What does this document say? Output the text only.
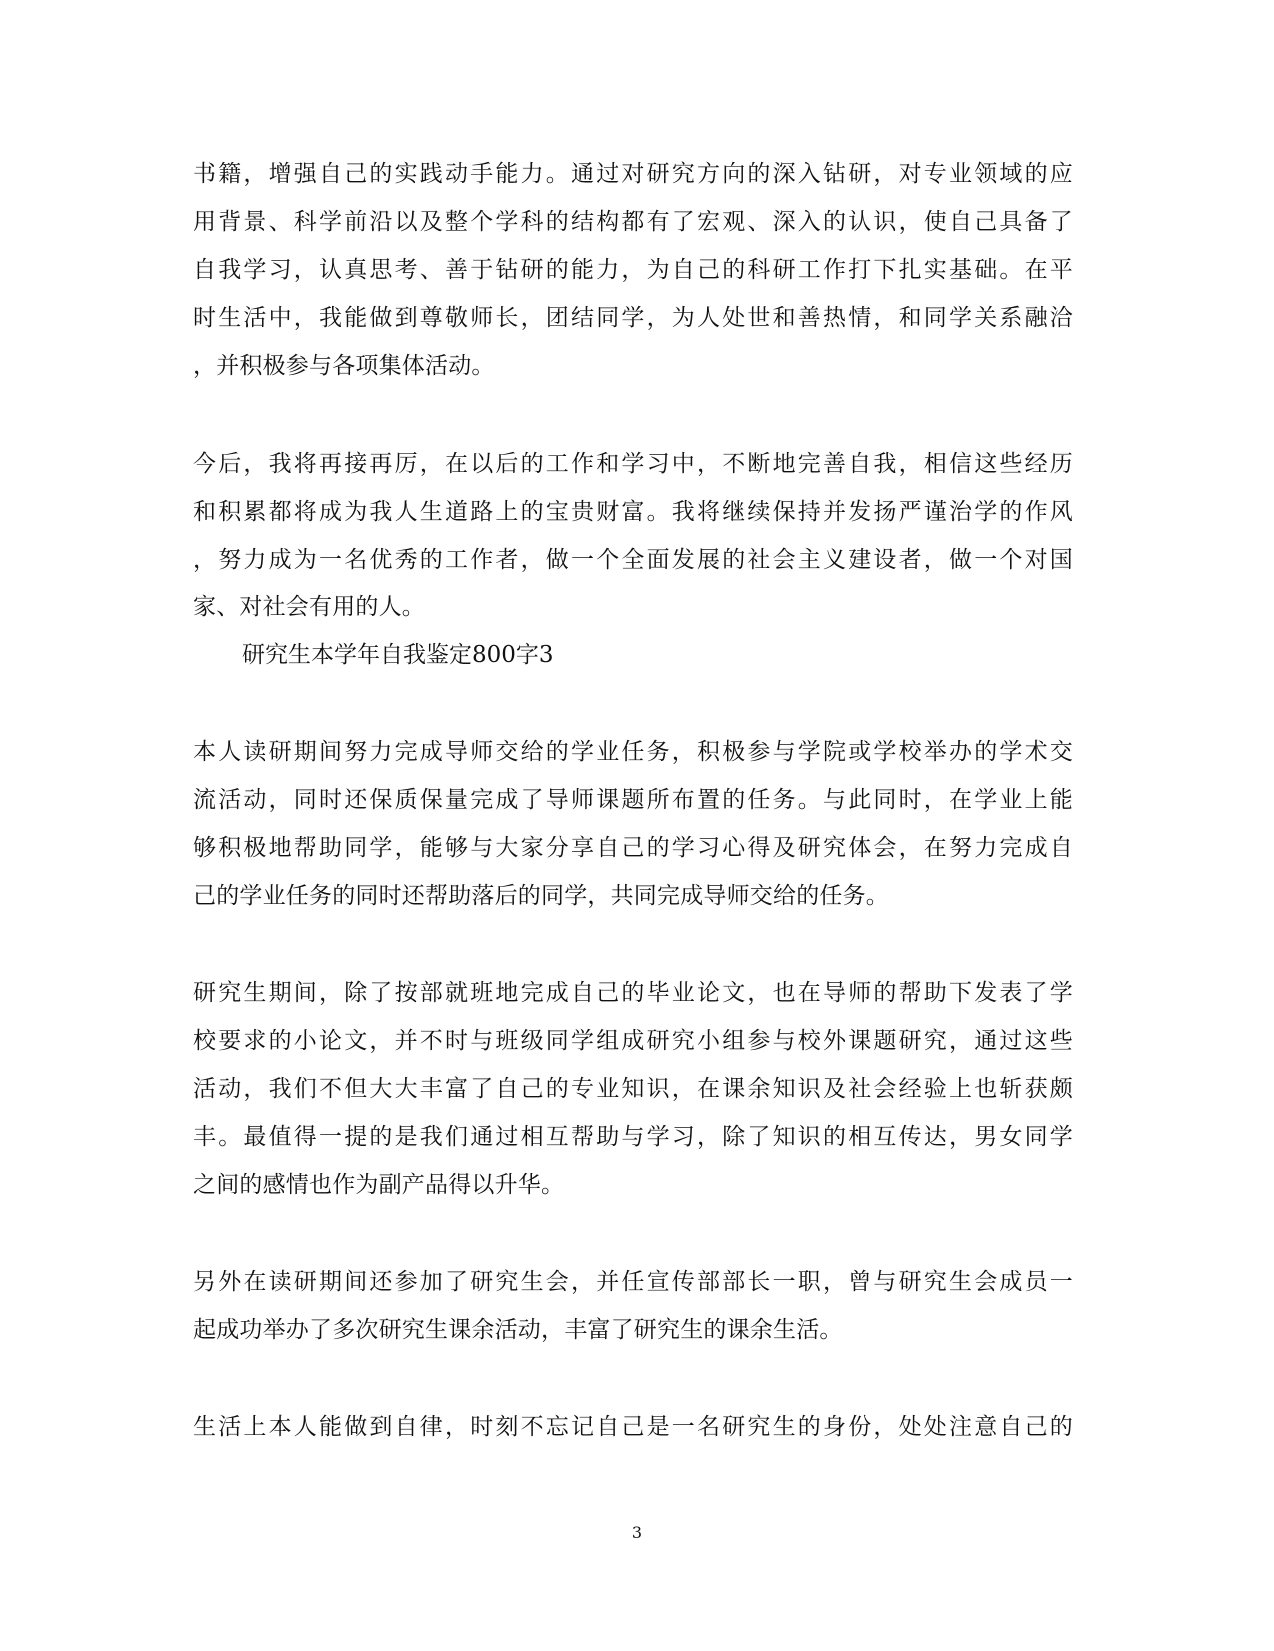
书籍，增强自己的实践动手能力。通过对研究方向的深入钻研，对专业领域的应
用背景、科学前沿以及整个学科的结构都有了宏观、深入的认识，使自己具备了
自我学习，认真思考、善于钻研的能力，为自己的科研工作打下扎实基础。在平
时生活中，我能做到尊敬师长，团结同学，为人处世和善热情，和同学关系融洽
，并积极参与各项集体活动。
今后，我将再接再厉，在以后的工作和学习中，不断地完善自我，相信这些经历
和积累都将成为我人生道路上的宝贵财富。我将继续保持并发扬严谨治学的作风
，努力成为一名优秀的工作者，做一个全面发展的社会主义建设者，做一个对国
家、对社会有用的人。
研究生本学年自我鉴定800字3
本人读研期间努力完成导师交给的学业任务，积极参与学院或学校举办的学术交
流活动，同时还保质保量完成了导师课题所布置的任务。与此同时，在学业上能
够积极地帮助同学，能够与大家分享自己的学习心得及研究体会，在努力完成自
己的学业任务的同时还帮助落后的同学，共同完成导师交给的任务。
研究生期间，除了按部就班地完成自己的毕业论文，也在导师的帮助下发表了学
校要求的小论文，并不时与班级同学组成研究小组参与校外课题研究，通过这些
活动，我们不但大大丰富了自己的专业知识，在课余知识及社会经验上也斩获颇
丰。最值得一提的是我们通过相互帮助与学习，除了知识的相互传达，男女同学
之间的感情也作为副产品得以升华。
另外在读研期间还参加了研究生会，并任宣传部部长一职，曾与研究生会成员一
起成功举办了多次研究生课余活动，丰富了研究生的课余生活。
生活上本人能做到自律，时刻不忘记自己是一名研究生的身份，处处注意自己的
3
